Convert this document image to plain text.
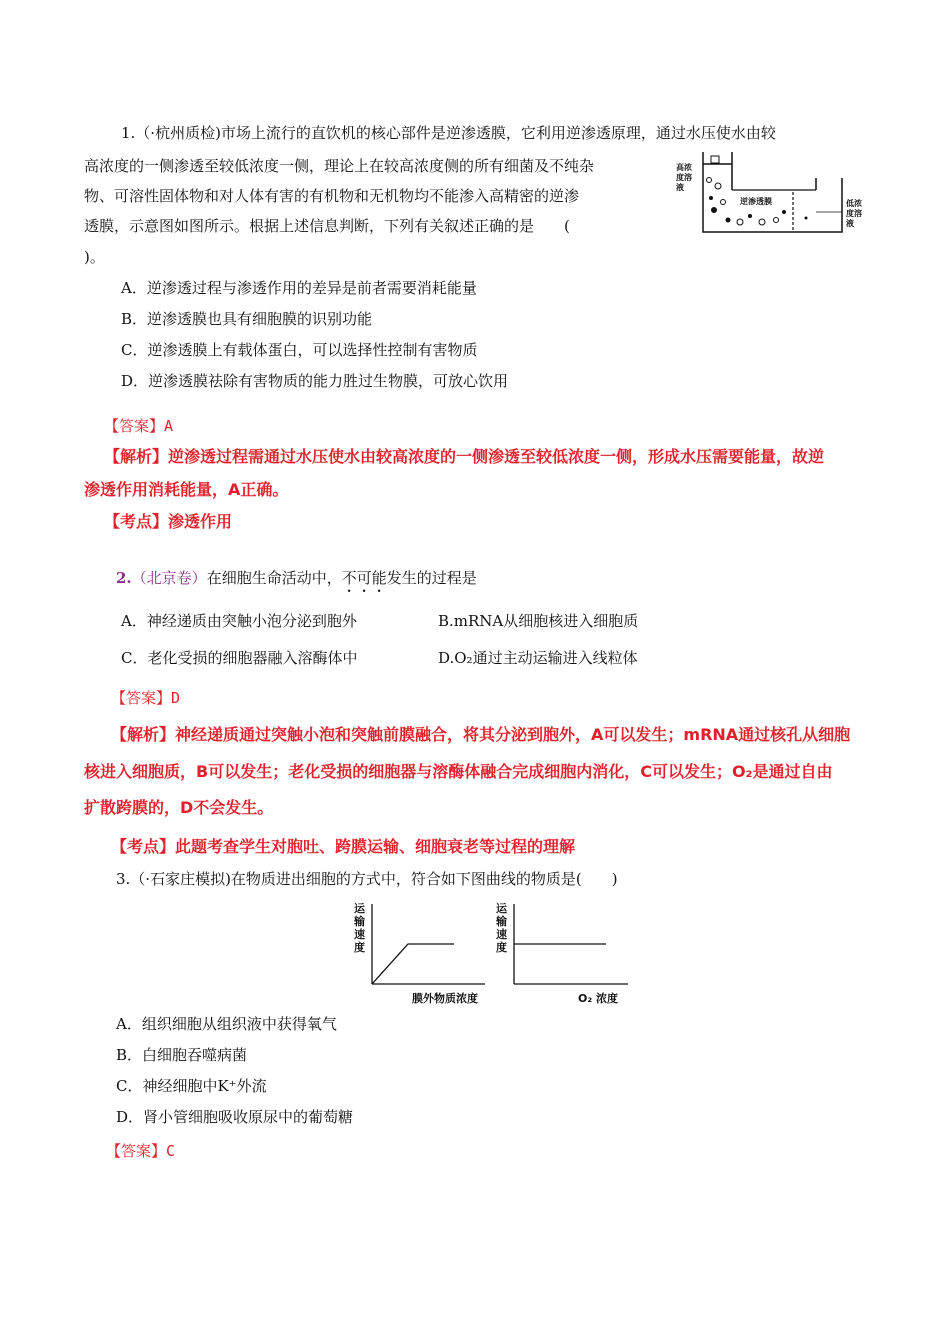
1.（·杭州质检)市场上流行的直饮机的核心部件是逆渗透膜，它利用逆渗透原理，通过水压使水由较
高浓度的一侧渗透至较低浓度一侧，理论上在较高浓度侧的所有细菌及不纯杂
物、可溶性固体物和对人体有害的有机物和无机物均不能渗入高精密的逆渗
透膜，示意图如图所示。根据上述信息判断，下列有关叙述正确的是　　(
)。
高浓
度溶
液
逆渗透膜	低浓
度溶
液
A．逆渗透过程与渗透作用的差异是前者需要消耗能量
B．逆渗透膜也具有细胞膜的识别功能
C．逆渗透膜上有载体蛋白，可以选择性控制有害物质
D．逆渗透膜祛除有害物质的能力胜过生物膜，可放心饮用
【答案】A
【解析】逆渗透过程需通过水压使水由较高浓度的一侧渗透至较低浓度一侧，形成水压需要能量，故逆
渗透作用消耗能量，A正确。
【考点】渗透作用
2.（北京卷）在细胞生命活动中，不可能发生的过程是
A．神经递质由突触小泡分泌到胞外	B.mRNA从细胞核进入细胞质
C．老化受损的细胞器融入溶酶体中	D.O₂通过主动运输进入线粒体
【答案】D
【解析】神经递质通过突触小泡和突触前膜融合，将其分泌到胞外，A可以发生；mRNA通过核孔从细胞
核进入细胞质，B可以发生；老化受损的细胞器与溶酶体融合完成细胞内消化，C可以发生；O₂是通过自由
扩散跨膜的，D不会发生。
【考点】此题考查学生对胞吐、跨膜运输、细胞衰老等过程的理解
3.（·石家庄模拟)在物质进出细胞的方式中，符合如下图曲线的物质是(　　)
运
输
速
度
膜外物质浓度
运
输
速
度
O₂ 浓度
A．组织细胞从组织液中获得氧气
B．白细胞吞噬病菌
C．神经细胞中K⁺外流
D．肾小管细胞吸收原尿中的葡萄糖
【答案】C
